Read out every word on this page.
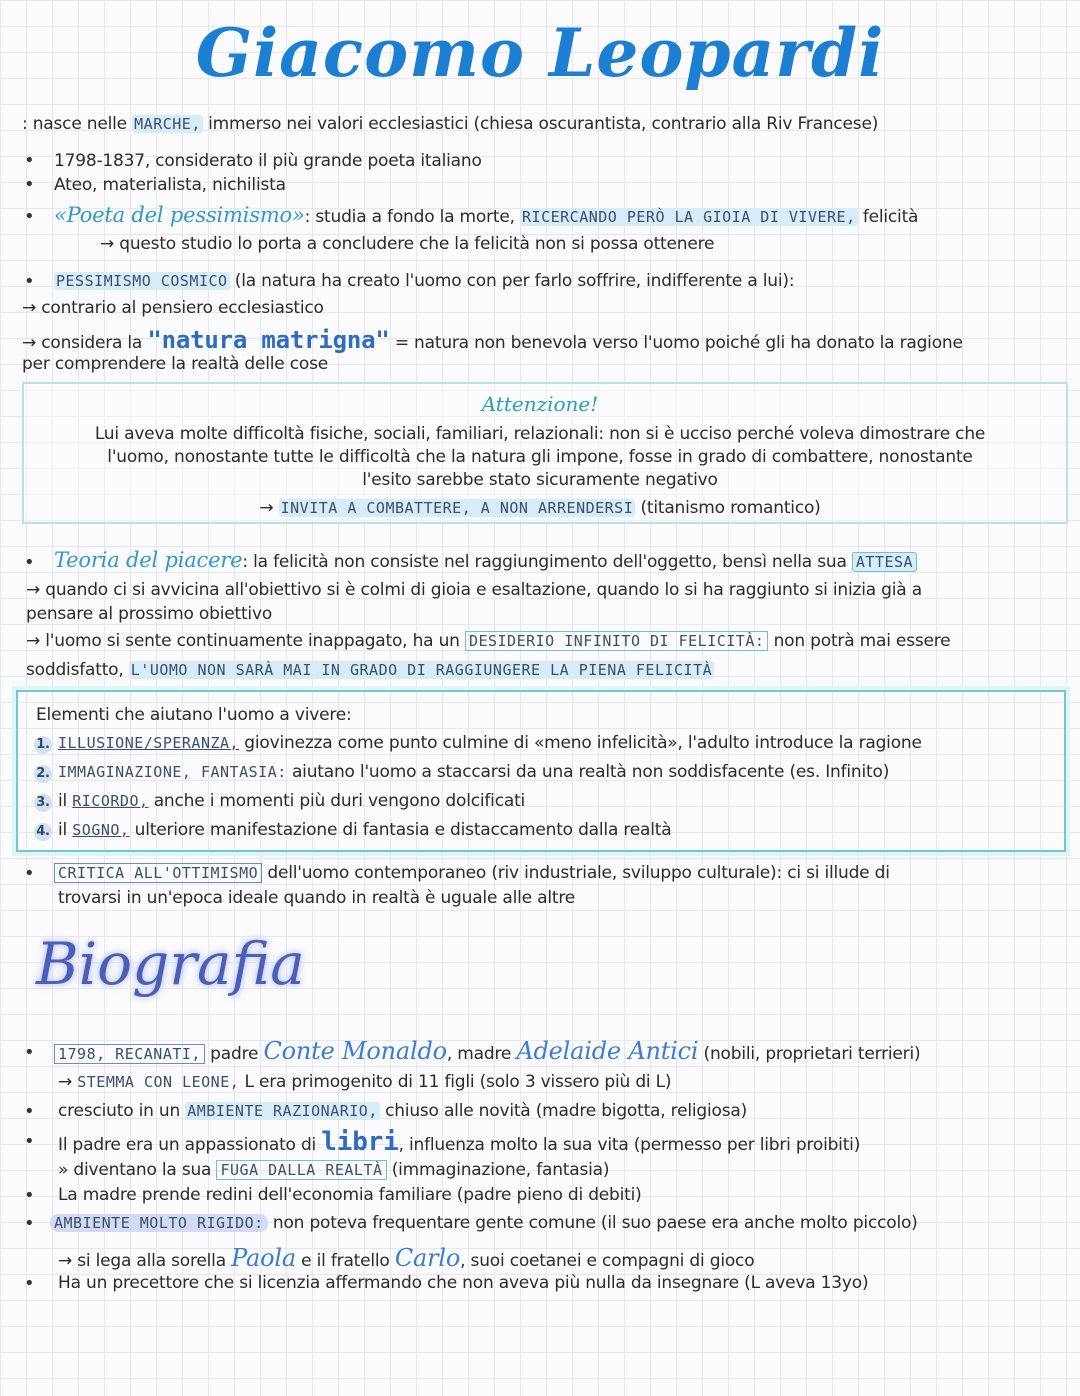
Giacomo Leopardi
: nasce nelle MARCHE, immerso nei valori ecclesiastici (chiesa oscurantista, contrario alla Riv Francese)
• 1798-1837, considerato il più grande poeta italiano
• Ateo, materialista, nichilista
• «Poeta del pessimismo»: studia a fondo la morte, RICERCANDO PERÒ LA GIOIA DI VIVERE, felicità
→ questo studio lo porta a concludere che la felicità non si possa ottenere
• PESSIMISMO COSMICO (la natura ha creato l'uomo con per farlo soffrire, indifferente a lui):
→ contrario al pensiero ecclesiastico
→ considera la "natura matrigna" = natura non benevola verso l'uomo poiché gli ha donato la ragione
per comprendere la realtà delle cose
Attenzione!
Lui aveva molte difficoltà fisiche, sociali, familiari, relazionali: non si è ucciso perché voleva dimostrare che
l'uomo, nonostante tutte le difficoltà che la natura gli impone, fosse in grado di combattere, nonostante
l'esito sarebbe stato sicuramente negativo
→ INVITA A COMBATTERE, A NON ARRENDERSI (titanismo romantico)
• Teoria del piacere: la felicità non consiste nel raggiungimento dell'oggetto, bensì nella sua ATTESA
→ quando ci si avvicina all'obiettivo si è colmi di gioia e esaltazione, quando lo si ha raggiunto si inizia già a
pensare al prossimo obiettivo
→ l'uomo si sente continuamente inappagato, ha un DESIDERIO INFINITO DI FELICITÀ: non potrà mai essere
soddisfatto, L'UOMO NON SARÀ MAI IN GRADO DI RAGGIUNGERE LA PIENA FELICITÀ
Elementi che aiutano l'uomo a vivere:
1. ILLUSIONE/SPERANZA, giovinezza come punto culmine di «meno infelicità», l'adulto introduce la ragione
2. IMMAGINAZIONE, FANTASIA: aiutano l'uomo a staccarsi da una realtà non soddisfacente (es. Infinito)
3. il RICORDO, anche i momenti più duri vengono dolcificati
4. il SOGNO, ulteriore manifestazione di fantasia e distaccamento dalla realtà
• CRITICA ALL'OTTIMISMO dell'uomo contemporaneo (riv industriale, sviluppo culturale): ci si illude di
trovarsi in un'epoca ideale quando in realtà è uguale alle altre
Biografia
• 1798, RECANATI, padre Conte Monaldo, madre Adelaide Antici (nobili, proprietari terrieri)
→ STEMMA CON LEONE, L era primogenito di 11 figli (solo 3 vissero più di L)
• cresciuto in un AMBIENTE RAZIONARIO, chiuso alle novità (madre bigotta, religiosa)
• Il padre era un appassionato di libri, influenza molto la sua vita (permesso per libri proibiti)
» diventano la sua FUGA DALLA REALTÀ (immaginazione, fantasia)
• La madre prende redini dell'economia familiare (padre pieno di debiti)
• AMBIENTE MOLTO RIGIDO: non poteva frequentare gente comune (il suo paese era anche molto piccolo)
→ si lega alla sorella Paola e il fratello Carlo, suoi coetanei e compagni di gioco
• Ha un precettore che si licenzia affermando che non aveva più nulla da insegnare (L aveva 13yo)
